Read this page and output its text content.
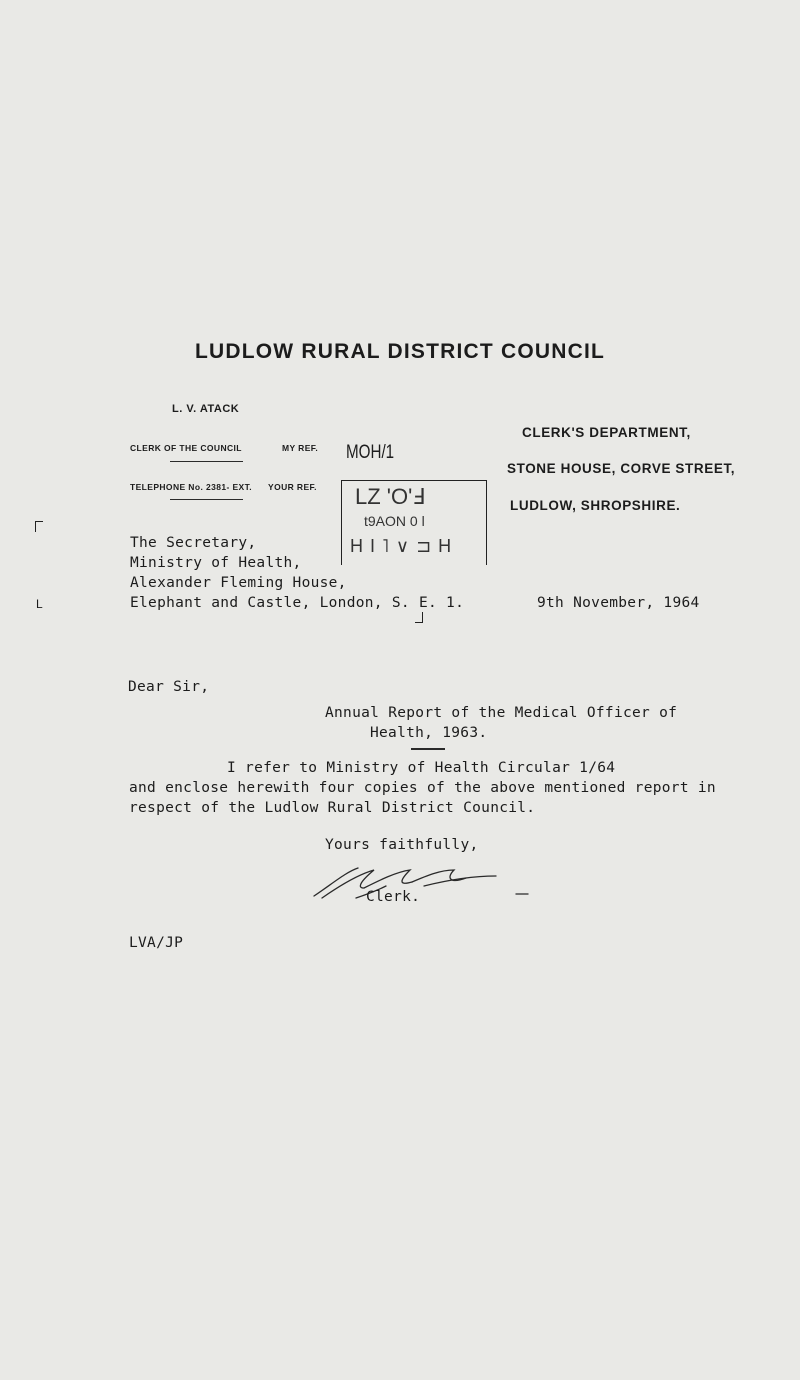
LUDLOW RURAL DISTRICT COUNCIL
L. V. ATACK
CLERK OF THE COUNCIL
TELEPHONE No. 2381- EXT.
MY REF. MOH/1
YOUR REF.
CLERK'S DEPARTMENT,
STONE HOUSE, CORVE STREET,
LUDLOW, SHROPSHIRE.
LZ 'O'Ⅎ
t9AON 0 l
H I ˥ ∨ ⊐ H
L
The Secretary,
Ministry of Health,
Alexander Fleming House,
Elephant and Castle, London, S. E. 1.	9th November, 1964
Dear Sir,
Annual Report of the Medical Officer of
Health, 1963.
I refer to Ministry of Health Circular 1/64
and enclose herewith four copies of the above mentioned report in
respect of the Ludlow Rural District Council.
Yours faithfully,
Clerk.
LVA/JP
